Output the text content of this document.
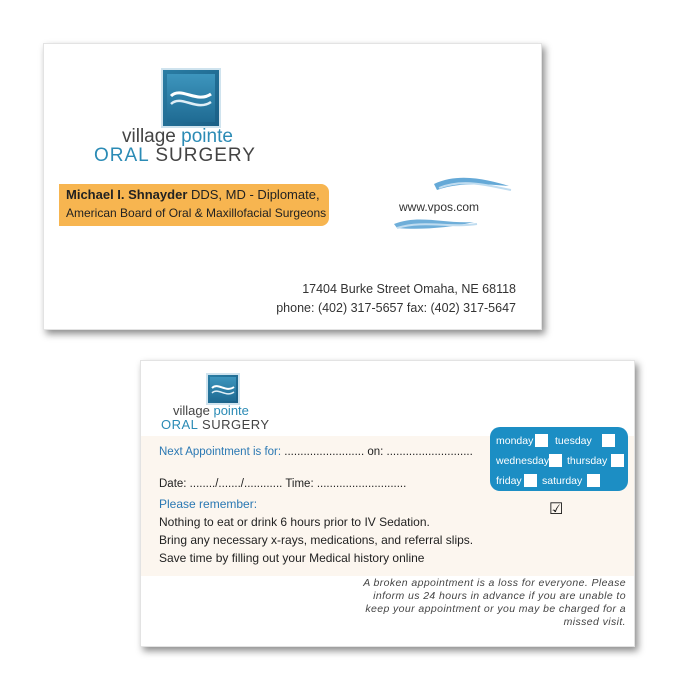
village pointe
ORAL SURGERY
Michael I. Shnayder DDS, MD - Diplomate,
American Board of Oral & Maxillofacial Surgeons	www.vpos.com
17404 Burke Street Omaha, NE 68118
phone: (402) 317-5657 fax: (402) 317-5647
village pointe
ORAL SURGERY
Next Appointment is for: ......................... on: ...........................
Date: ......../......./............ Time: ............................
Please remember:
Nothing to eat or drink 6 hours prior to IV Sedation.
Bring any necessary x-rays, medications, and referral slips.
Save time by filling out your Medical history online
monday tuesday
wednesday thursday
friday saturday
☑
A broken appointment is a loss for everyone. Please inform us 24 hours in advance if you are unable to keep your appointment or you may be charged for a missed visit.
